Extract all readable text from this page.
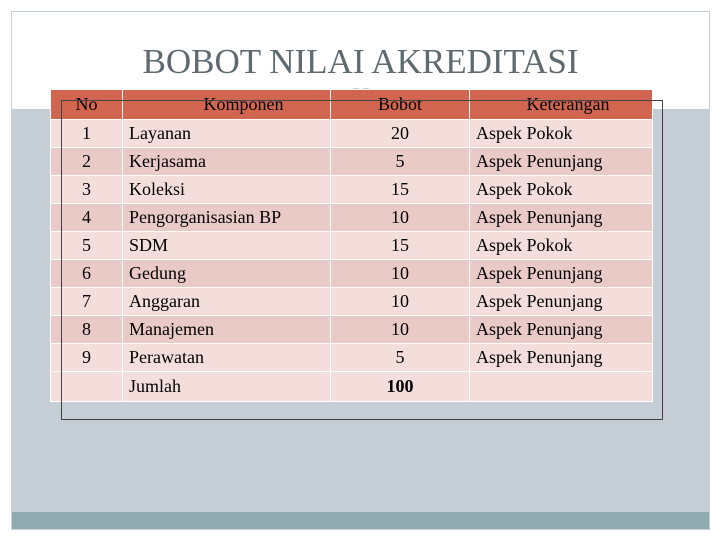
BOBOT NILAI AKREDITASI
No	Komponen	Bobot	Keterangan
1	Layanan	20	Aspek Pokok
2	Kerjasama	5	Aspek Penunjang
3	Koleksi	15	Aspek Pokok
4	Pengorganisasian BP	10	Aspek Penunjang
5	SDM	15	Aspek Pokok
6	Gedung	10	Aspek Penunjang
7	Anggaran	10	Aspek Penunjang
8	Manajemen	10	Aspek Penunjang
9	Perawatan	5	Aspek Penunjang
	Jumlah	100	
